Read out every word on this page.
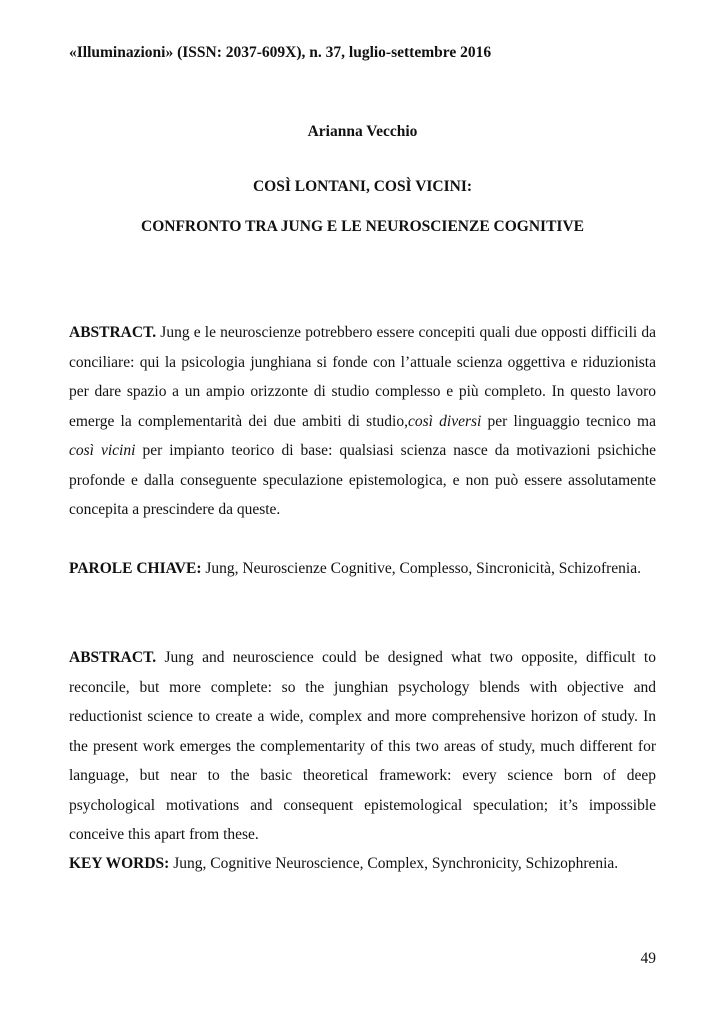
«Illuminazioni» (ISSN: 2037-609X), n. 37, luglio-settembre 2016
Arianna Vecchio
COSÌ LONTANI, COSÌ VICINI:
CONFRONTO TRA JUNG E LE NEUROSCIENZE COGNITIVE

ABSTRACT. Jung e le neuroscienze potrebbero essere concepiti quali due opposti difficili da conciliare: qui la psicologia junghiana si fonde con l’attuale scienza oggettiva e riduzionista per dare spazio a un ampio orizzonte di studio complesso e più completo. In questo lavoro emerge la complementarità dei due ambiti di studio,così diversi per linguaggio tecnico ma così vicini per impianto teorico di base: qualsiasi scienza nasce da motivazioni psichiche profonde e dalla conseguente speculazione epistemologica, e non può essere assolutamente concepita a prescindere da queste.

PAROLE CHIAVE: Jung, Neuroscienze Cognitive, Complesso, Sincronicità, Schizofrenia.

ABSTRACT. Jung and neuroscience could be designed what two opposite, difficult to reconcile, but more complete: so the junghian psychology blends with objective and reductionist science to create a wide, complex and more comprehensive horizon of study. In the present work emerges the complementarity of this two areas of study, much different for language, but near to the basic theoretical framework: every science born of deep psychological motivations and consequent epistemological speculation; it’s impossible conceive this apart from these.

KEY WORDS: Jung, Cognitive Neuroscience, Complex, Synchronicity, Schizophrenia.

49
